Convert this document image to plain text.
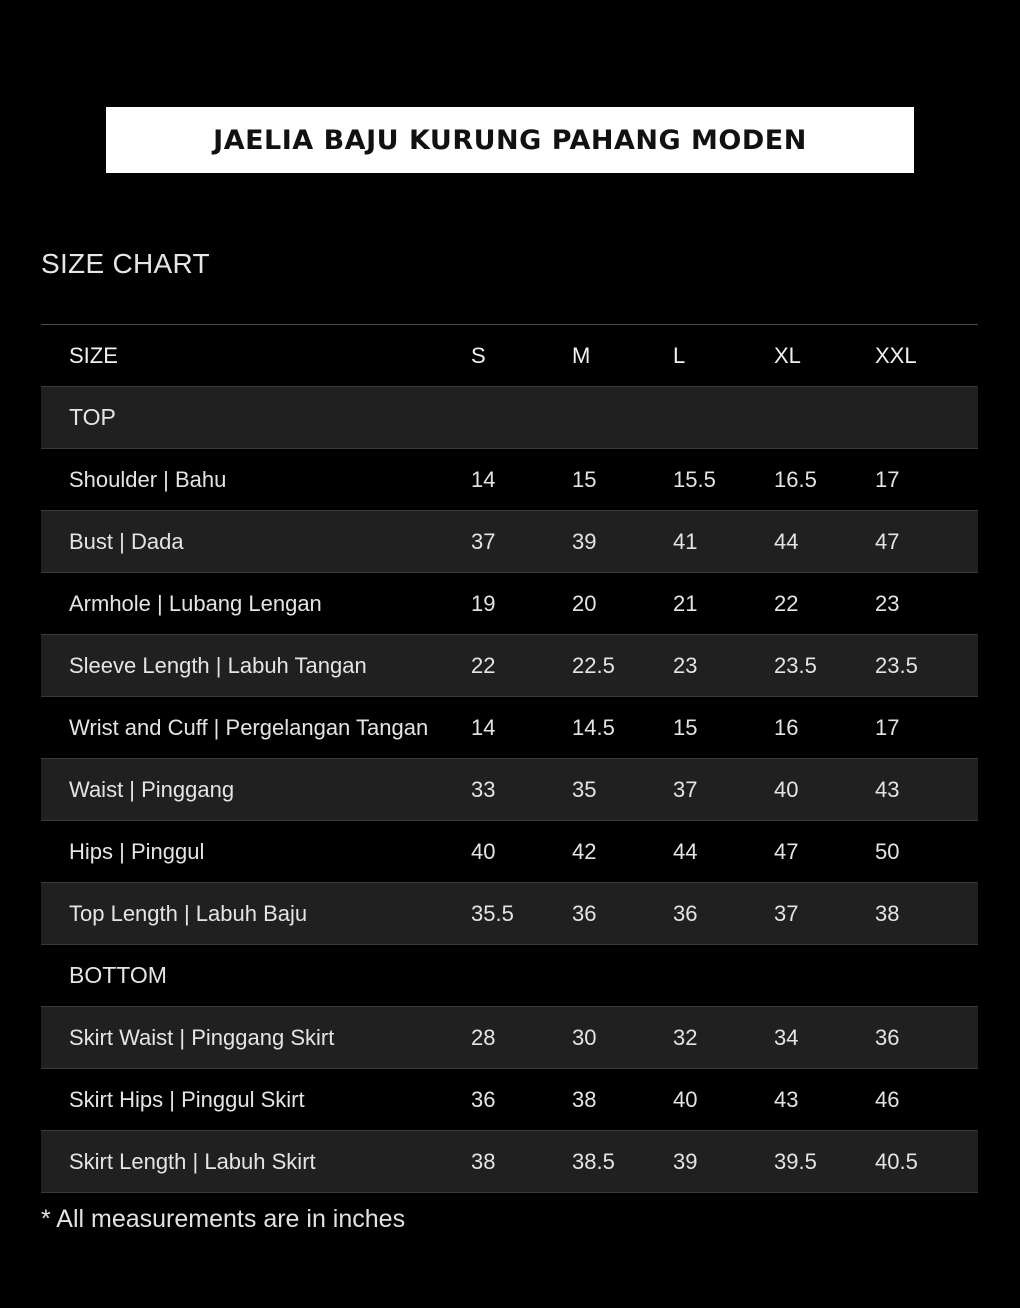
JAELIA BAJU KURUNG PAHANG MODEN
SIZE CHART
SIZE	S	M	L	XL	XXL
TOP					
Shoulder | Bahu	14	15	15.5	16.5	17
Bust | Dada	37	39	41	44	47
Armhole | Lubang Lengan	19	20	21	22	23
Sleeve Length | Labuh Tangan	22	22.5	23	23.5	23.5
Wrist and Cuff | Pergelangan Tangan	14	14.5	15	16	17
Waist | Pinggang	33	35	37	40	43
Hips | Pinggul	40	42	44	47	50
Top Length | Labuh Baju	35.5	36	36	37	38
BOTTOM					
Skirt Waist | Pinggang Skirt	28	30	32	34	36
Skirt Hips | Pinggul Skirt	36	38	40	43	46
Skirt Length | Labuh Skirt	38	38.5	39	39.5	40.5
* All measurements are in inches
